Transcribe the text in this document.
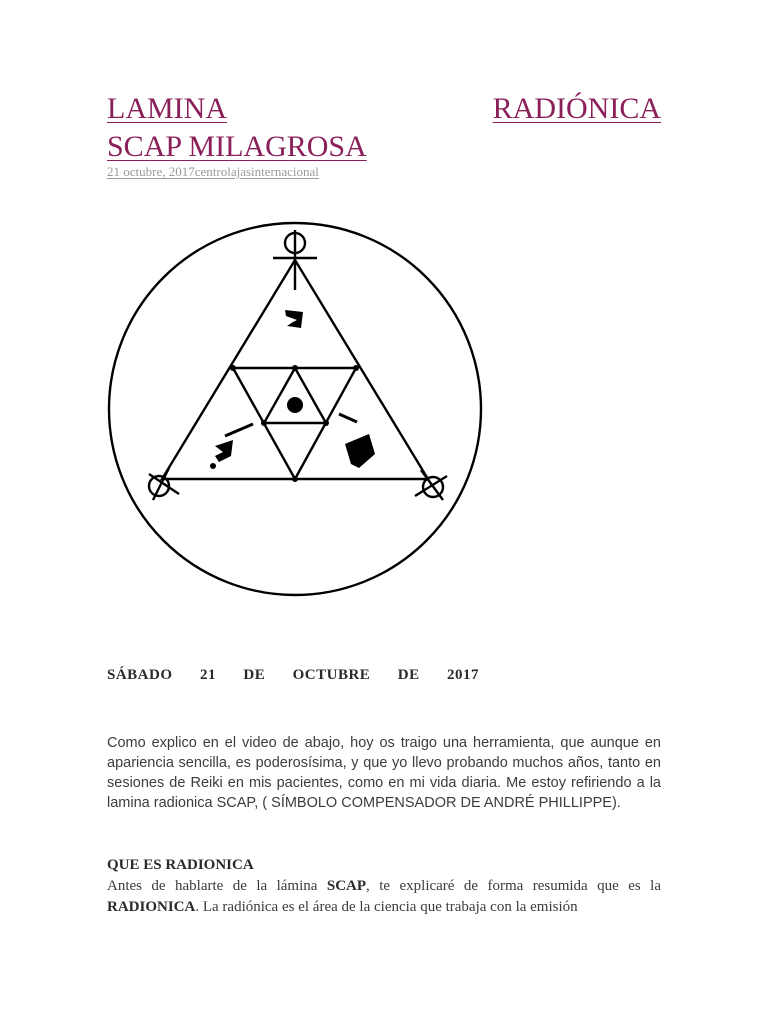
LAMINA	RADIÓNICA
SCAP MILAGROSA
21 octubre, 2017centrolajasinternacional
SÁBADO 21 DE OCTUBRE DE 2017

Como explico en el video de abajo, hoy os traigo una herramienta, que aunque en apariencia sencilla, es poderosísima, y que yo llevo probando muchos años, tanto en sesiones de Reiki en mis pacientes, como en mi vida diaria. Me estoy refiriendo a la lamina radionica SCAP, ( SÍMBOLO COMPENSADOR DE ANDRÉ PHILLIPPE).

QUE ES RADIONICA

Antes de hablarte de la lámina SCAP, te explicaré de forma resumida que es la RADIONICA. La radiónica es el área de la ciencia que trabaja con la emisión
